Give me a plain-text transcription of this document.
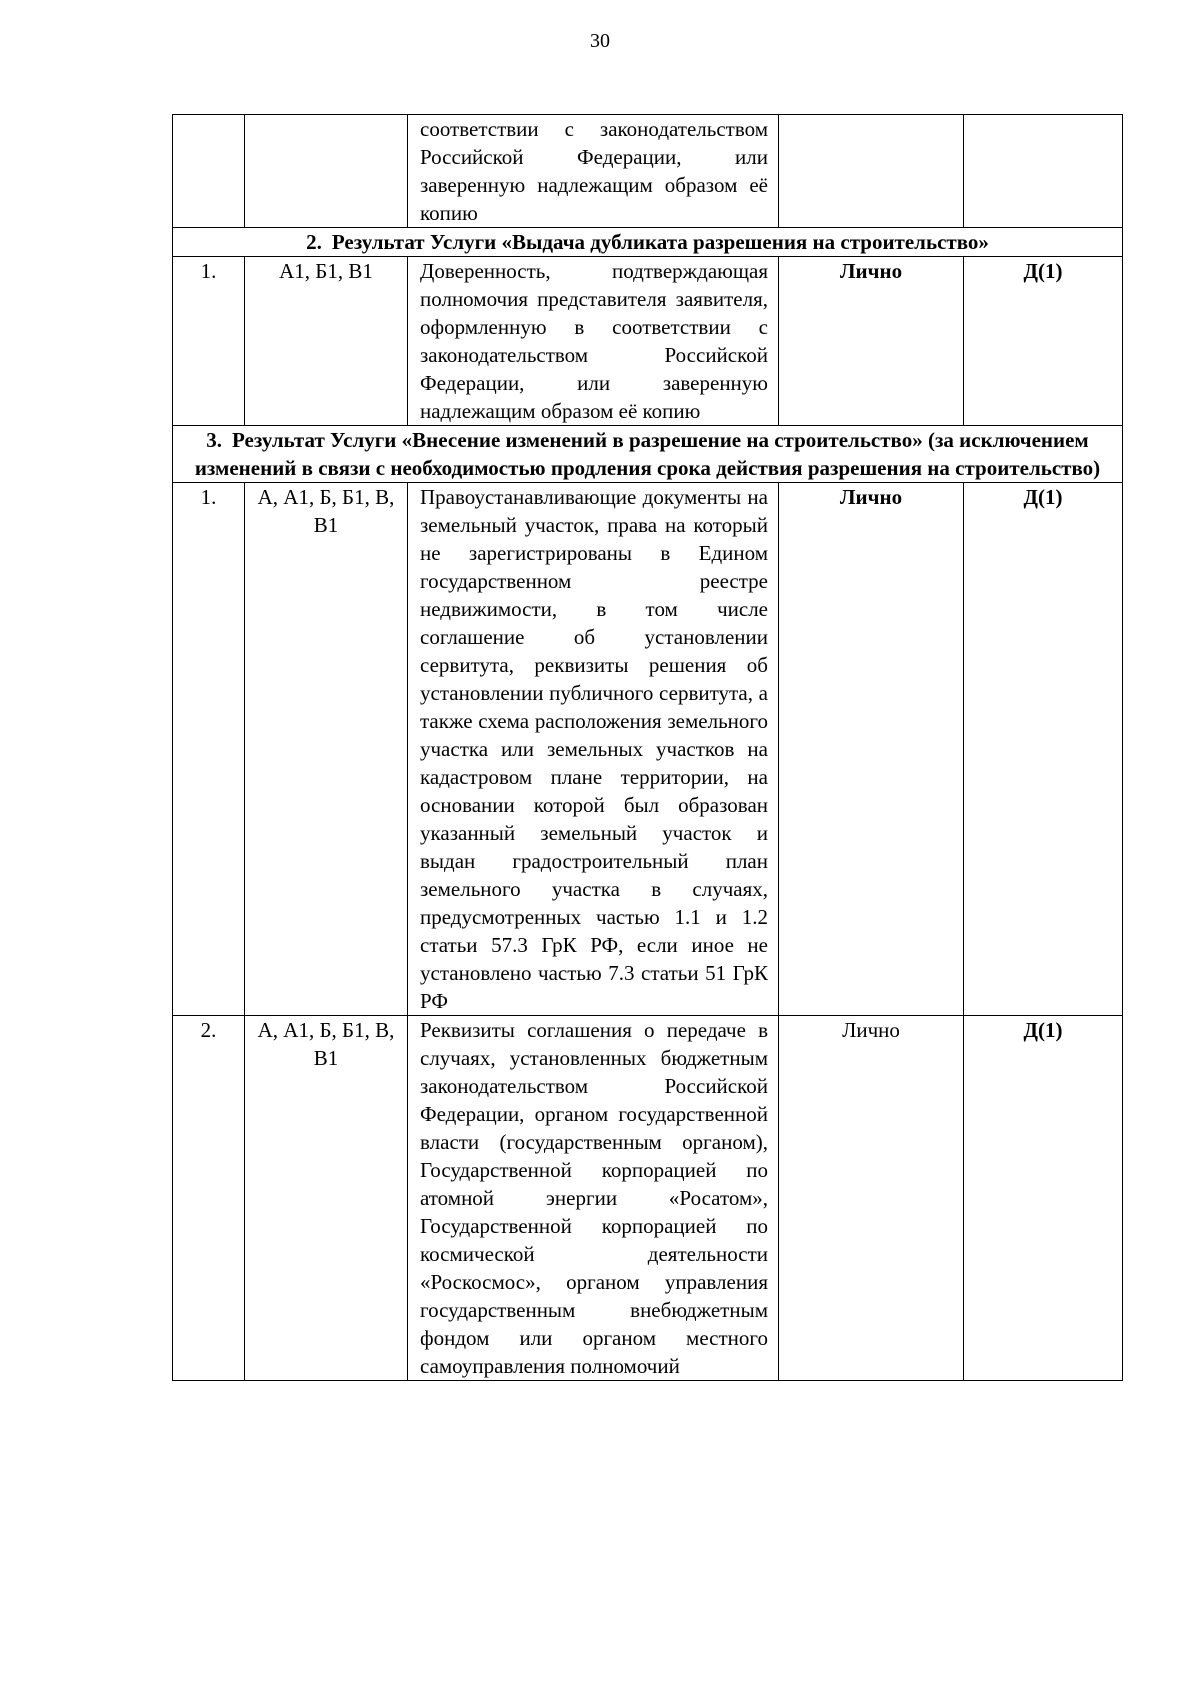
30
		соответствии с законодательством Российской Федерации, или заверенную надлежащим образом её копию		
2. Результат Услуги «Выдача дубликата разрешения на строительство»				
1.	А1, Б1, В1	Доверенность, подтверждающая полномочия представителя заявителя, оформленную в соответствии с законодательством Российской Федерации, или заверенную надлежащим образом её копию	Лично	Д(1)
3. Результат Услуги «Внесение изменений в разрешение на строительство» (за исключением изменений в связи с необходимостью продления срока действия разрешения на строительство)				
1.	А, А1, Б, Б1, В, В1	Правоустанавливающие документы на земельный участок, права на который не зарегистрированы в Едином государственном реестре недвижимости, в том числе соглашение об установлении сервитута, реквизиты решения об установлении публичного сервитута, а также схема расположения земельного участка или земельных участков на кадастровом плане территории, на основании которой был образован указанный земельный участок и выдан градостроительный план земельного участка в случаях, предусмотренных частью 1.1 и 1.2 статьи 57.3 ГрК РФ, если иное не установлено частью 7.3 статьи 51 ГрК РФ	Лично	Д(1)
2.	А, А1, Б, Б1, В, В1	Реквизиты соглашения о передаче в случаях, установленных бюджетным законодательством Российской Федерации, органом государственной власти (государственным органом), Государственной корпорацией по атомной энергии «Росатом», Государственной корпорацией по космической деятельности «Роскосмос», органом управления государственным внебюджетным фондом или органом местного самоуправления полномочий	Лично	Д(1)
